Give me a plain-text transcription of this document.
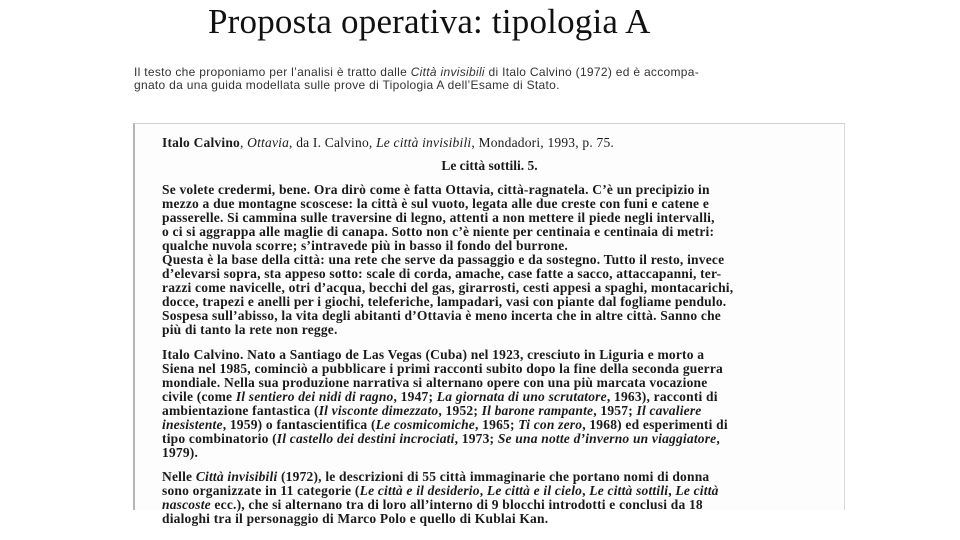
Proposta operativa: tipologia A
Il testo che proponiamo per l’analisi è tratto dalle Città invisibili di Italo Calvino (1972) ed è accompa-
gnato da una guida modellata sulle prove di Tipologia A dell’Esame di Stato.
Italo Calvino, Ottavia, da I. Calvino, Le città invisibili, Mondadori, 1993, p. 75.
Le città sottili. 5.
Se volete credermi, bene. Ora dirò come è fatta Ottavia, città-ragnatela. C’è un precipizio in
mezzo a due montagne scoscese: la città è sul vuoto, legata alle due creste con funi e catene e
passerelle. Si cammina sulle traversine di legno, attenti a non mettere il piede negli intervalli,
o ci si aggrappa alle maglie di canapa. Sotto non c’è niente per centinaia e centinaia di metri:
qualche nuvola scorre; s’intravede più in basso il fondo del burrone.
Questa è la base della città: una rete che serve da passaggio e da sostegno. Tutto il resto, invece
d’elevarsi sopra, sta appeso sotto: scale di corda, amache, case fatte a sacco, attaccapanni, ter-
razzi come navicelle, otri d’acqua, becchi del gas, girarrosti, cesti appesi a spaghi, montacarichi,
docce, trapezi e anelli per i giochi, teleferiche, lampadari, vasi con piante dal fogliame pendulo.
Sospesa sull’abisso, la vita degli abitanti d’Ottavia è meno incerta che in altre città. Sanno che
più di tanto la rete non regge.
Italo Calvino. Nato a Santiago de Las Vegas (Cuba) nel 1923, cresciuto in Liguria e morto a
Siena nel 1985, cominciò a pubblicare i primi racconti subito dopo la fine della seconda guerra
mondiale. Nella sua produzione narrativa si alternano opere con una più marcata vocazione
civile (come Il sentiero dei nidi di ragno, 1947; La giornata di uno scrutatore, 1963), racconti di
ambientazione fantastica (Il visconte dimezzato, 1952; Il barone rampante, 1957; Il cavaliere
inesistente, 1959) o fantascientifica (Le cosmicomiche, 1965; Ti con zero, 1968) ed esperimenti di
tipo combinatorio (Il castello dei destini incrociati, 1973; Se una notte d’inverno un viaggiatore,
1979).
Nelle Città invisibili (1972), le descrizioni di 55 città immaginarie che portano nomi di donna
sono organizzate in 11 categorie (Le città e il desiderio, Le città e il cielo, Le città sottili, Le città
nascoste ecc.), che si alternano tra di loro all’interno di 9 blocchi introdotti e conclusi da 18
dialoghi tra il personaggio di Marco Polo e quello di Kublai Kan.
